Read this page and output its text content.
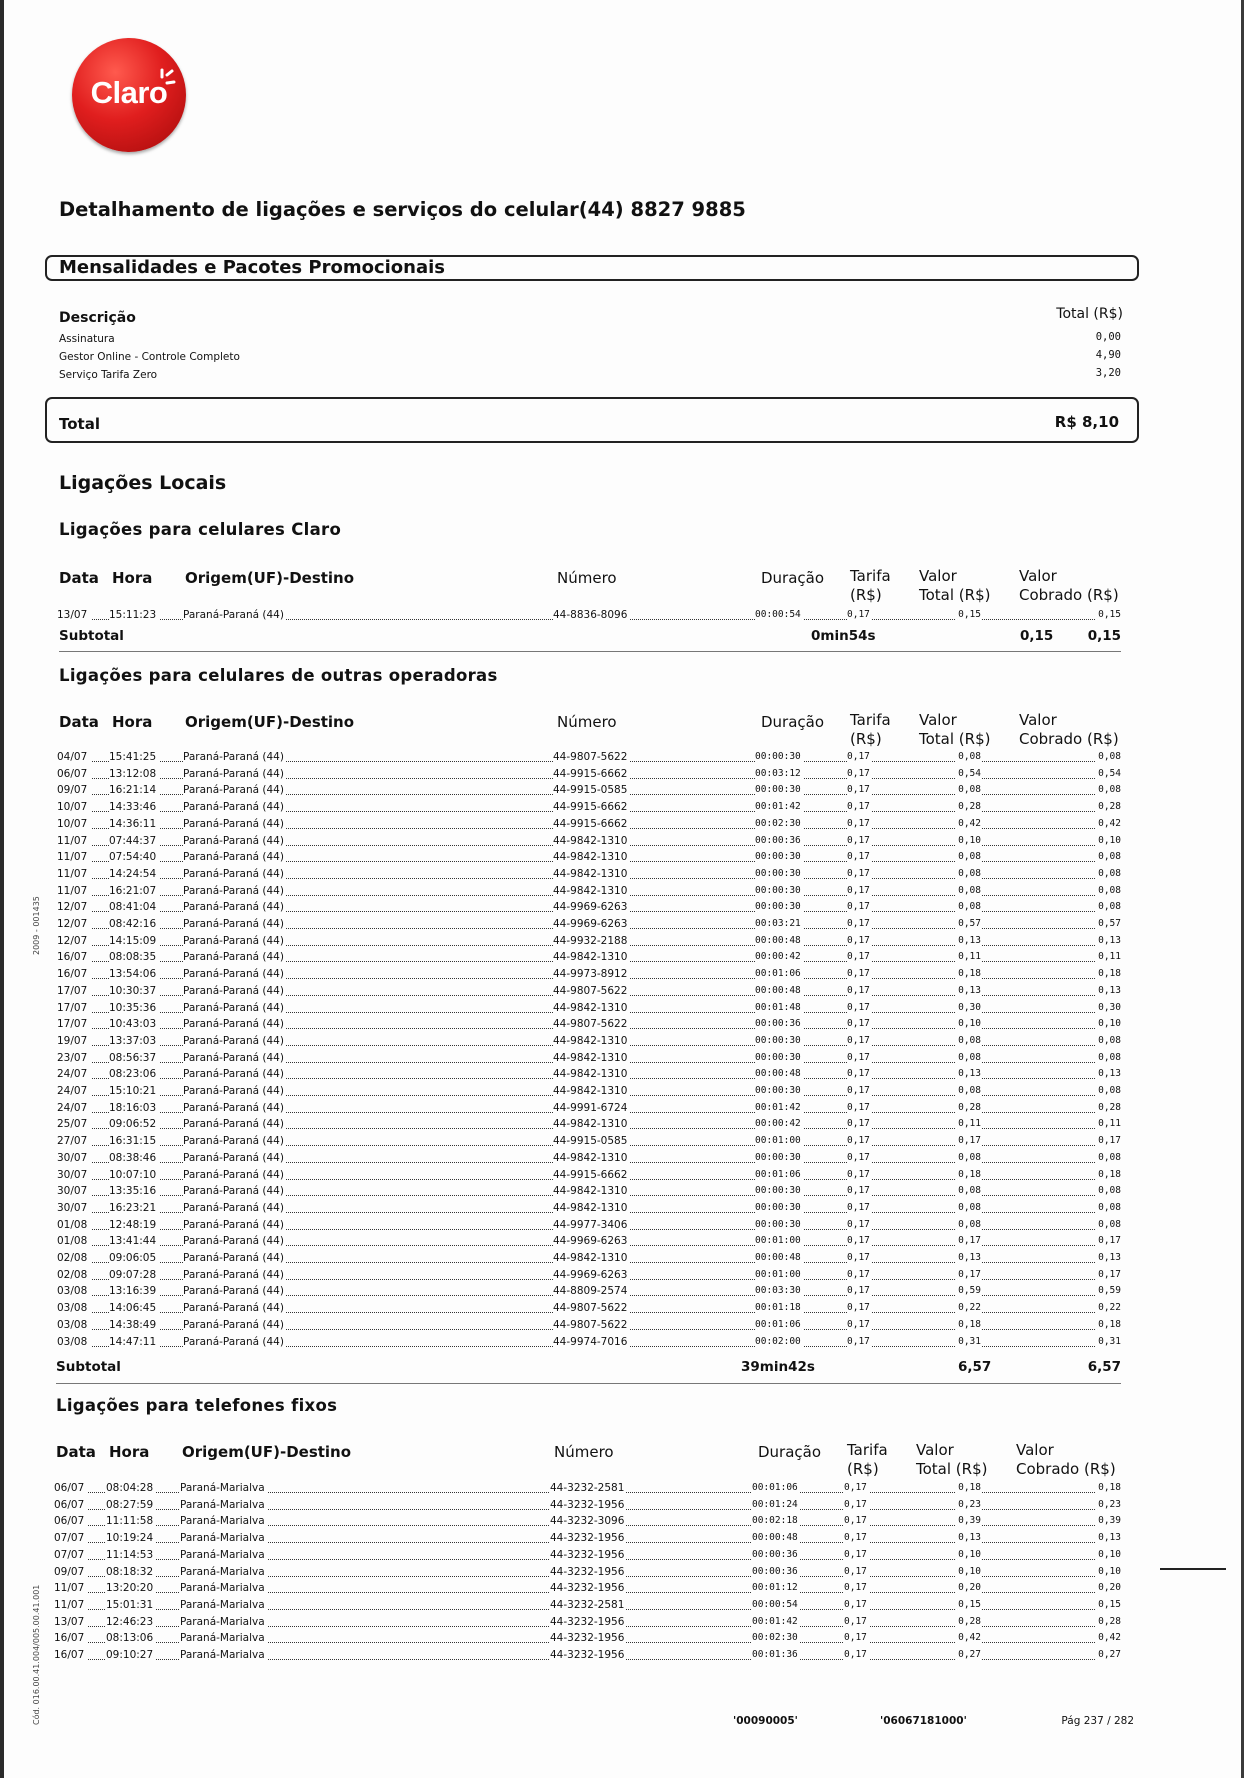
Claro
Detalhamento de ligações e serviços do celular(44) 8827 9885
Mensalidades e Pacotes Promocionais
Descrição	Total (R$)
Assinatura	0,00
Gestor Online - Controle Completo	4,90
Serviço Tarifa Zero	3,20
Total	R$ 8,10
Ligações Locais
Ligações para celulares Claro
Data Hora Origem(UF)-Destino	Número	Duração Tarifa
(R$)
Valor
Total (R$)
Valor
Cobrado (R$)
13/07	15:11:23	Paraná-Paraná (44)	44-8836-8096	00:00:54	0,17	0,15	0,15
Subtotal	0min54s	0,15	0,15
Ligações para celulares de outras operadoras
Data Hora Origem(UF)-Destino	Número	Duração Tarifa
(R$)
Valor
Total (R$)
Valor
Cobrado (R$)
04/07	15:41:25	Paraná-Paraná (44)	44-9807-5622	00:00:30	0,17	0,08	0,08
06/07	13:12:08	Paraná-Paraná (44)	44-9915-6662	00:03:12	0,17	0,54	0,54
09/07	16:21:14	Paraná-Paraná (44)	44-9915-0585	00:00:30	0,17	0,08	0,08
10/07	14:33:46	Paraná-Paraná (44)	44-9915-6662	00:01:42	0,17	0,28	0,28
10/07	14:36:11	Paraná-Paraná (44)	44-9915-6662	00:02:30	0,17	0,42	0,42
11/07	07:44:37	Paraná-Paraná (44)	44-9842-1310	00:00:36	0,17	0,10	0,10
11/07	07:54:40	Paraná-Paraná (44)	44-9842-1310	00:00:30	0,17	0,08	0,08
11/07	14:24:54	Paraná-Paraná (44)	44-9842-1310	00:00:30	0,17	0,08	0,08
11/07	16:21:07	Paraná-Paraná (44)	44-9842-1310	00:00:30	0,17	0,08	0,08
12/07	08:41:04	Paraná-Paraná (44)	44-9969-6263	00:00:30	0,17	0,08	0,08
12/07	08:42:16	Paraná-Paraná (44)	44-9969-6263	00:03:21	0,17	0,57	0,57
12/07	14:15:09	Paraná-Paraná (44)	44-9932-2188	00:00:48	0,17	0,13	0,13
16/07	08:08:35	Paraná-Paraná (44)	44-9842-1310	00:00:42	0,17	0,11	0,11
16/07	13:54:06	Paraná-Paraná (44)	44-9973-8912	00:01:06	0,17	0,18	0,18
17/07	10:30:37	Paraná-Paraná (44)	44-9807-5622	00:00:48	0,17	0,13	0,13
17/07	10:35:36	Paraná-Paraná (44)	44-9842-1310	00:01:48	0,17	0,30	0,30
17/07	10:43:03	Paraná-Paraná (44)	44-9807-5622	00:00:36	0,17	0,10	0,10
19/07	13:37:03	Paraná-Paraná (44)	44-9842-1310	00:00:30	0,17	0,08	0,08
23/07	08:56:37	Paraná-Paraná (44)	44-9842-1310	00:00:30	0,17	0,08	0,08
24/07	08:23:06	Paraná-Paraná (44)	44-9842-1310	00:00:48	0,17	0,13	0,13
24/07	15:10:21	Paraná-Paraná (44)	44-9842-1310	00:00:30	0,17	0,08	0,08
24/07	18:16:03	Paraná-Paraná (44)	44-9991-6724	00:01:42	0,17	0,28	0,28
25/07	09:06:52	Paraná-Paraná (44)	44-9842-1310	00:00:42	0,17	0,11	0,11
27/07	16:31:15	Paraná-Paraná (44)	44-9915-0585	00:01:00	0,17	0,17	0,17
30/07	08:38:46	Paraná-Paraná (44)	44-9842-1310	00:00:30	0,17	0,08	0,08
30/07	10:07:10	Paraná-Paraná (44)	44-9915-6662	00:01:06	0,17	0,18	0,18
30/07	13:35:16	Paraná-Paraná (44)	44-9842-1310	00:00:30	0,17	0,08	0,08
30/07	16:23:21	Paraná-Paraná (44)	44-9842-1310	00:00:30	0,17	0,08	0,08
01/08	12:48:19	Paraná-Paraná (44)	44-9977-3406	00:00:30	0,17	0,08	0,08
01/08	13:41:44	Paraná-Paraná (44)	44-9969-6263	00:01:00	0,17	0,17	0,17
02/08	09:06:05	Paraná-Paraná (44)	44-9842-1310	00:00:48	0,17	0,13	0,13
02/08	09:07:28	Paraná-Paraná (44)	44-9969-6263	00:01:00	0,17	0,17	0,17
03/08	13:16:39	Paraná-Paraná (44)	44-8809-2574	00:03:30	0,17	0,59	0,59
03/08	14:06:45	Paraná-Paraná (44)	44-9807-5622	00:01:18	0,17	0,22	0,22
03/08	14:38:49	Paraná-Paraná (44)	44-9807-5622	00:01:06	0,17	0,18	0,18
03/08	14:47:11	Paraná-Paraná (44)	44-9974-7016	00:02:00	0,17	0,31	0,31
Subtotal	39min42s	6,57	6,57
Ligações para telefones fixos
Data Hora Origem(UF)-Destino	Número	Duração Tarifa
(R$)
Valor
Total (R$)
Valor
Cobrado (R$)
06/07	08:04:28	Paraná-Marialva	44-3232-2581	00:01:06	0,17	0,18	0,18
06/07	08:27:59	Paraná-Marialva	44-3232-1956	00:01:24	0,17	0,23	0,23
06/07	11:11:58	Paraná-Marialva	44-3232-3096	00:02:18	0,17	0,39	0,39
07/07	10:19:24	Paraná-Marialva	44-3232-1956	00:00:48	0,17	0,13	0,13
07/07	11:14:53	Paraná-Marialva	44-3232-1956	00:00:36	0,17	0,10	0,10
09/07	08:18:32	Paraná-Marialva	44-3232-1956	00:00:36	0,17	0,10	0,10
11/07	13:20:20	Paraná-Marialva	44-3232-1956	00:01:12	0,17	0,20	0,20
11/07	15:01:31	Paraná-Marialva	44-3232-2581	00:00:54	0,17	0,15	0,15
13/07	12:46:23	Paraná-Marialva	44-3232-1956	00:01:42	0,17	0,28	0,28
16/07	08:13:06	Paraná-Marialva	44-3232-1956	00:02:30	0,17	0,42	0,42
16/07	09:10:27	Paraná-Marialva	44-3232-1956	00:01:36	0,17	0,27	0,27
2009 - 001435
Cód. 016.00.41.004/005.00.41.001	'00090005'	'06067181000'	Pág 237 / 282
